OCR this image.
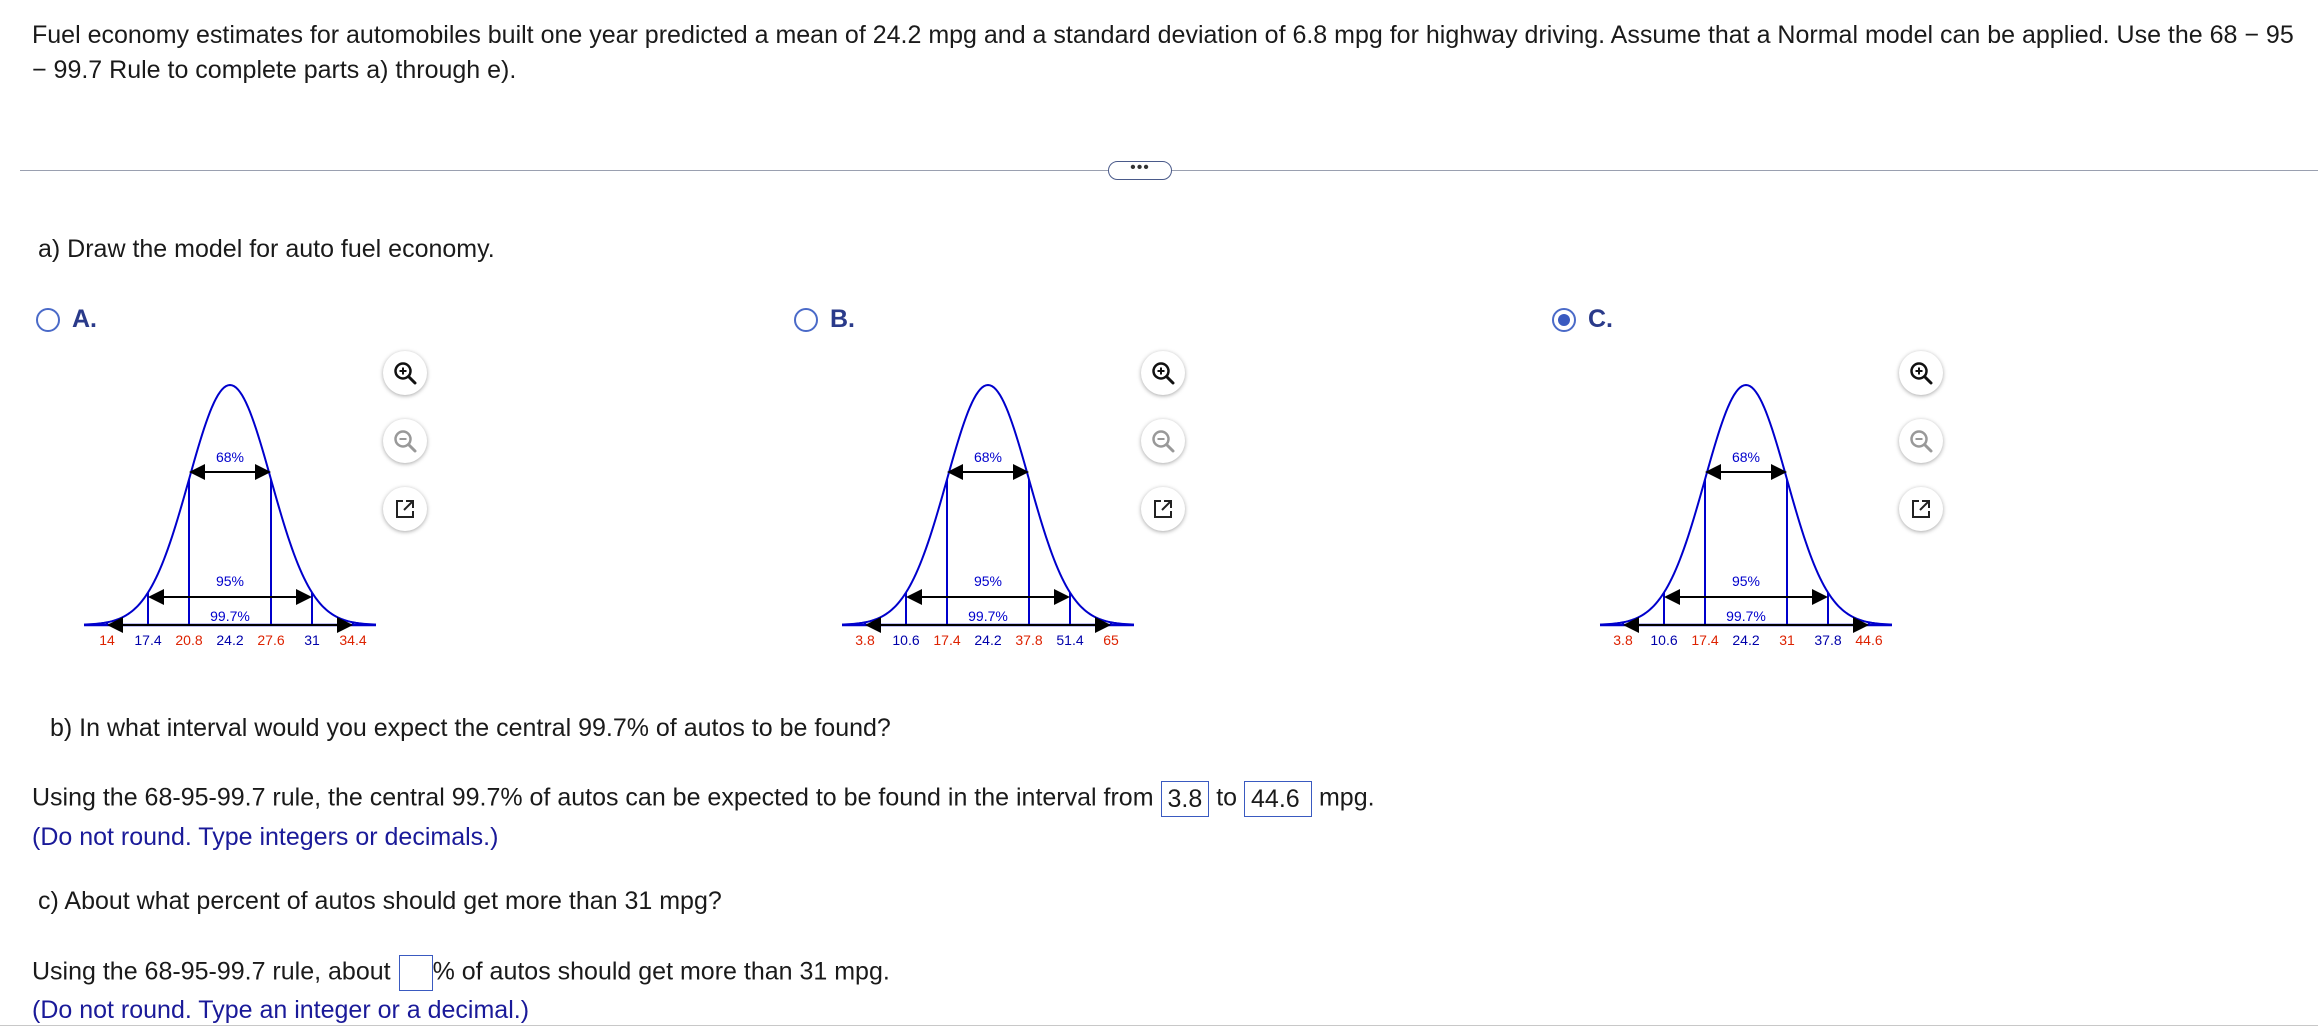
Fuel economy estimates for automobiles built one year predicted a mean of 24.2 mpg and a standard deviation of 6.8 mpg for highway driving. Assume that a Normal model can be applied. Use the 68 − 95 − 99.7 Rule to complete parts a) through e).
•••
a) Draw the model for auto fuel economy.
A.
68%
95%
99.7%
14 17.4 20.8 24.2 27.6 31 34.4
B.
68%
95%
99.7%
3.8 10.6 17.4 24.2 37.8 51.4 65
C.
68%
95%
99.7%
3.8 10.6 17.4 24.2 31 37.8 44.6
b) In what interval would you expect the central 99.7% of autos to be found?
Using the 68-95-99.7 rule, the central 99.7% of autos can be expected to be found in the interval from 3.8 to 44.6 mpg.
(Do not round. Type integers or decimals.)
c) About what percent of autos should get more than 31 mpg?
Using the 68-95-99.7 rule, about % of autos should get more than 31 mpg.
(Do not round. Type an integer or a decimal.)
